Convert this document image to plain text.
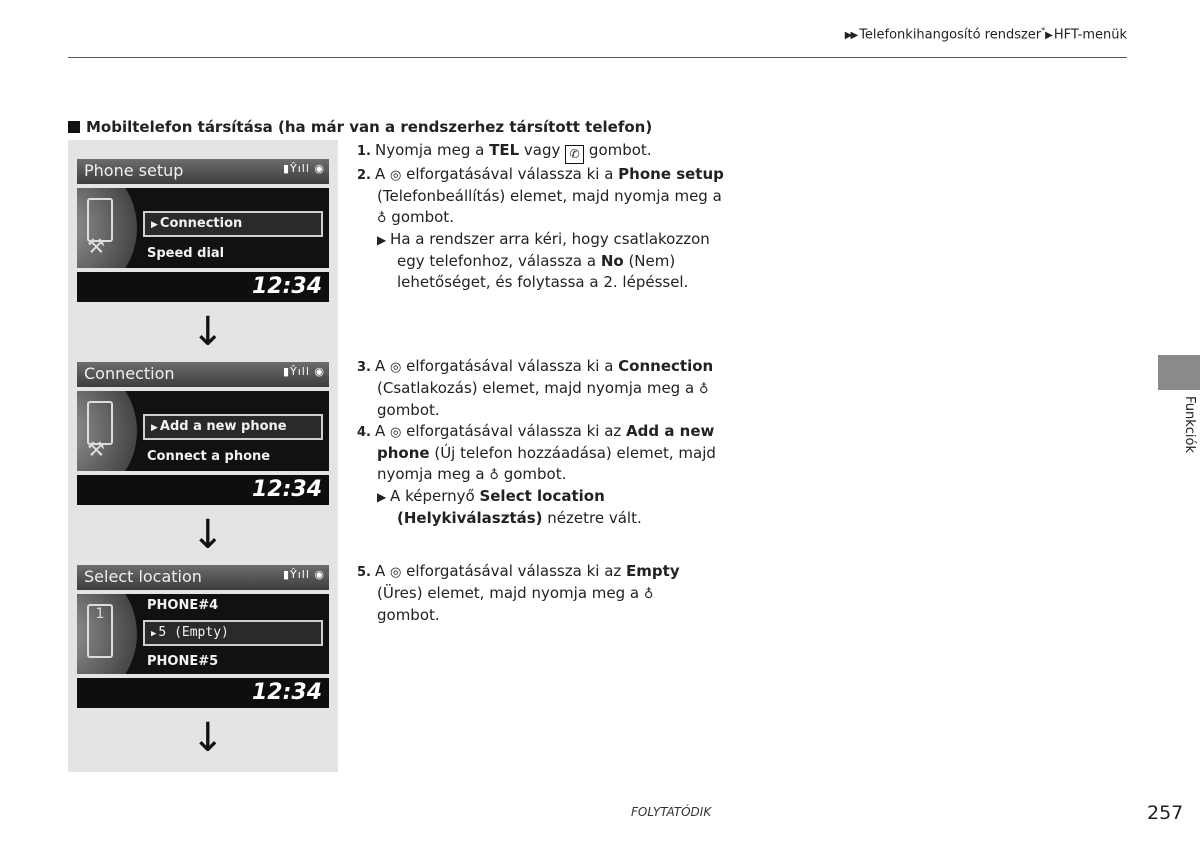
▶▶ Telefonkihangosító rendszer*▶ HFT-menük
Mobiltelefon társítása (ha már van a rendszerhez társított telefon)
Phone setup	▮Ŷıll ◉
⚒
▶ Connection
Speed dial
12:34
↓
Connection	▮Ŷıll ◉
⚒
▶ Add a new phone
Connect a phone
12:34
↓
Select location	▮Ŷıll ◉
1
PHONE#4
▶ 5 (Empty)
PHONE#5
12:34
↓
1. Nyomja meg a TEL vagy ✆ gombot.
2. A ◎ elforgatásával válassza ki a Phone setup
(Telefonbeállítás) elemet, majd nyomja meg a
♁ gombot.
▶ Ha a rendszer arra kéri, hogy csatlakozzon
egy telefonhoz, válassza a No (Nem)
lehetőséget, és folytassa a 2. lépéssel.
3. A ◎ elforgatásával válassza ki a Connection
(Csatlakozás) elemet, majd nyomja meg a ♁
gombot.
4. A ◎ elforgatásával válassza ki az Add a new
phone (Új telefon hozzáadása) elemet, majd
nyomja meg a ♁ gombot.
▶ A képernyő Select location
(Helykiválasztás) nézetre vált.
5. A ◎ elforgatásával válassza ki az Empty
(Üres) elemet, majd nyomja meg a ♁
gombot.
Funkciók
FOLYTATÓDIK	257
